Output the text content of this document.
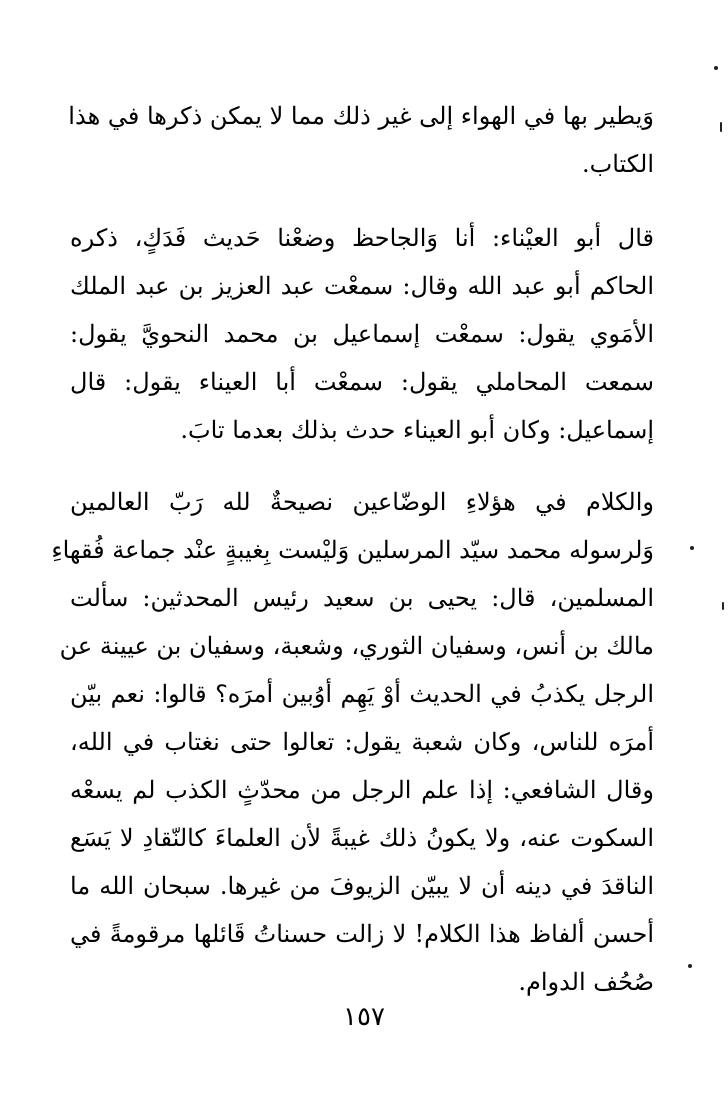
وَيطير بها في الهواء إلى غير ذلك مما لا يمكن ذكرها في هذا
الكتاب.

قال أبو العيْناء: أنا وَالجاحظ وضعْنا حَديث فَدَكٍ، ذكره
الحاكم أبو عبد الله وقال: سمعْت عبد العزيز بن عبد الملك
الأمَوي يقول: سمعْت إسماعيل بن محمد النحويَّ يقول:
سمعت المحاملي يقول: سمعْت أبا العيناء يقول: قال
إسماعيل: وكان أبو العيناء حدث بذلك بعدما تابَ.

والكلام في هؤلاءِ الوضّاعين نصيحةٌ لله رَبّ العالمين
وَلرسوله محمد سيّد المرسلين وَليْست بِغيبةٍ عنْد جماعة فُقهاءِ
المسلمين، قال: يحيى بن سعيد رئيس المحدثين: سألت
مالك بن أنس، وسفيان الثوري، وشعبة، وسفيان بن عيينة عن
الرجل يكذبُ في الحديث أوْ يَهِم أوُبين أمرَه؟ قالوا: نعم بيّن
أمرَه للناس، وكان شعبة يقول: تعالوا حتى نغتاب في الله،
وقال الشافعي: إذا علم الرجل من محدّثٍ الكذب لم يسعْه
السكوت عنه، ولا يكونُ ذلك غيبةً لأن العلماءَ كالنّقادِ لا يَسَع
الناقدَ في دينه أن لا يبيّن الزيوفَ من غيرها. سبحان الله ما
أحسن ألفاظ هذا الكلام! لا زالت حسناتُ قَائلها مرقومةً في
صُحُف الدوام.

١٥٧
